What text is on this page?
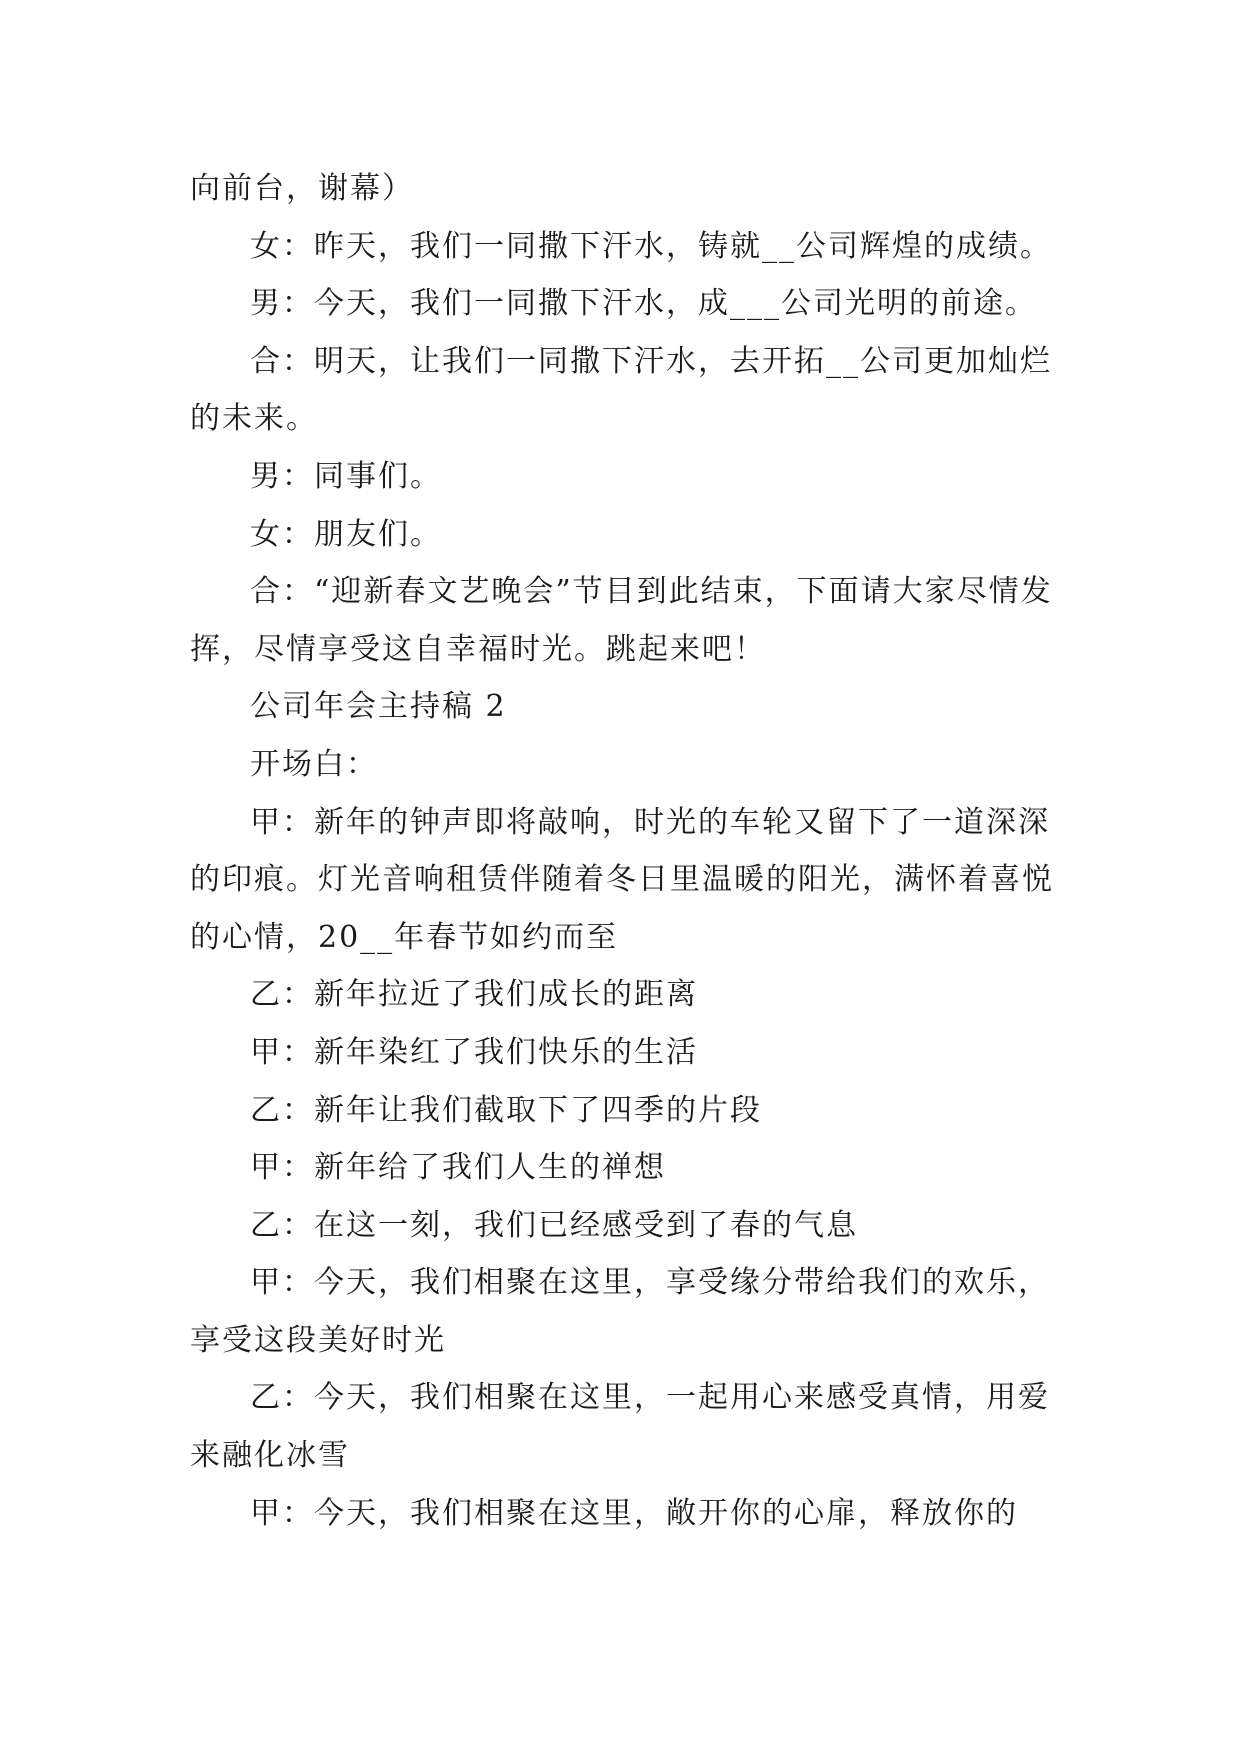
向前台，谢幕）

女：昨天，我们一同撒下汗水，铸就__公司辉煌的成绩。

男：今天，我们一同撒下汗水，成___公司光明的前途。

合：明天，让我们一同撒下汗水，去开拓__公司更加灿烂的未来。

男：同事们。

女：朋友们。

合：“迎新春文艺晚会”节目到此结束，下面请大家尽情发挥，尽情享受这自幸福时光。跳起来吧！

公司年会主持稿 2

开场白：

甲：新年的钟声即将敲响，时光的车轮又留下了一道深深的印痕。灯光音响租赁伴随着冬日里温暖的阳光，满怀着喜悦的心情，20__年春节如约而至

乙：新年拉近了我们成长的距离

甲：新年染红了我们快乐的生活

乙：新年让我们截取下了四季的片段

甲：新年给了我们人生的禅想

乙：在这一刻，我们已经感受到了春的气息

甲：今天，我们相聚在这里，享受缘分带给我们的欢乐，享受这段美好时光

乙：今天，我们相聚在这里，一起用心来感受真情，用爱来融化冰雪

甲：今天，我们相聚在这里，敞开你的心扉，释放你的
